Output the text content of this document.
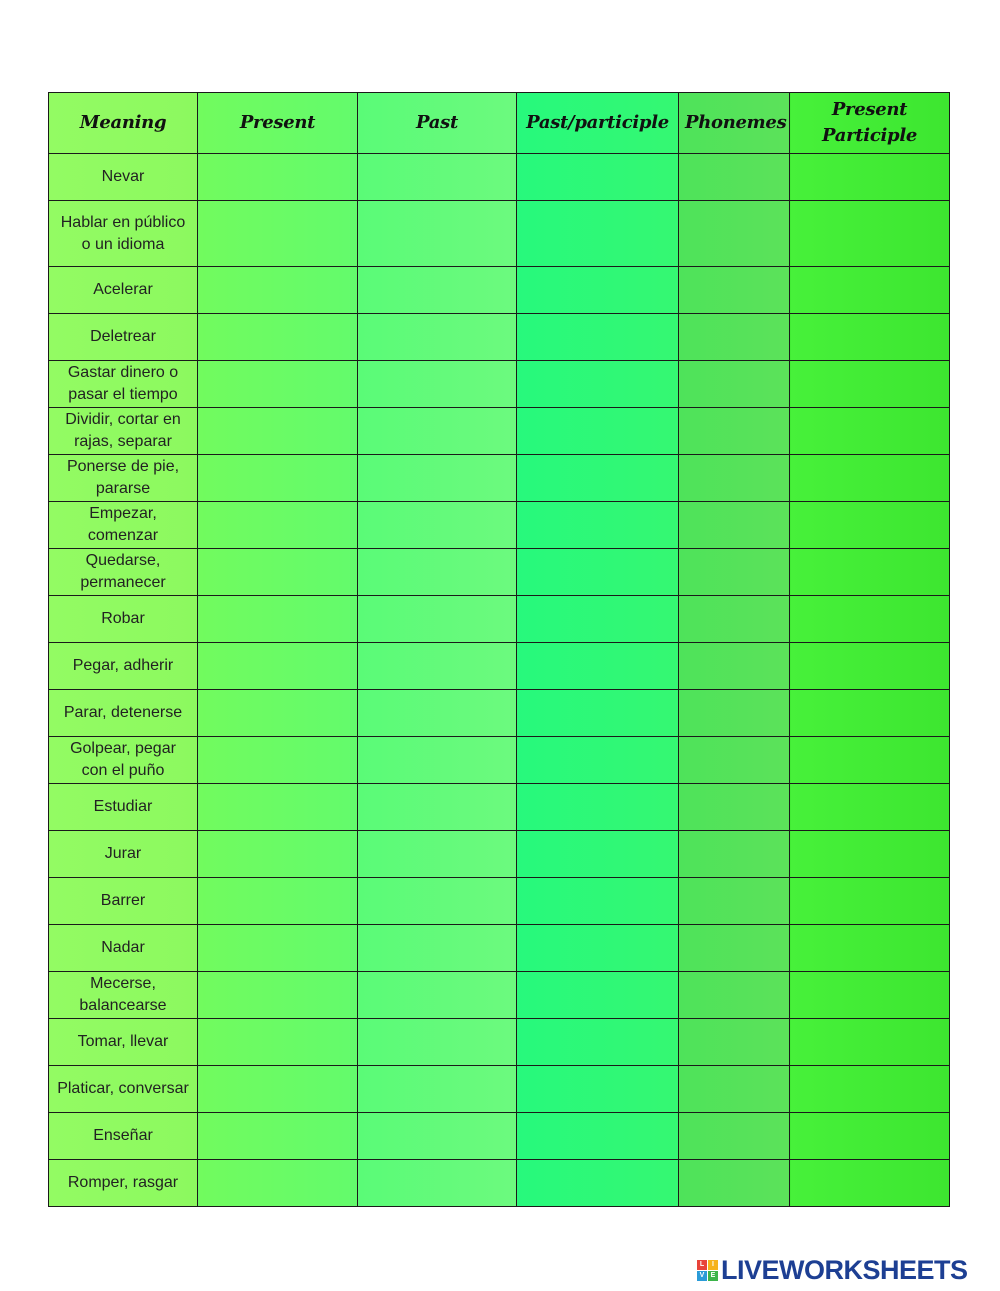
Meaning	Present	Past	Past/participle	Phonemes	Present Participle
Nevar					
Hablar en público o un idioma					
Acelerar					
Deletrear					
Gastar dinero o pasar el tiempo					
Dividir, cortar en rajas, separar					
Ponerse de pie, pararse					
Empezar, comenzar					
Quedarse, permanecer					
Robar					
Pegar, adherir					
Parar, detenerse					
Golpear, pegar con el puño					
Estudiar					
Jurar					
Barrer					
Nadar					
Mecerse, balancearse					
Tomar, llevar					
Platicar, conversar					
Enseñar					
Romper, rasgar					
L	I
V E LIVEWORKSHEETS
